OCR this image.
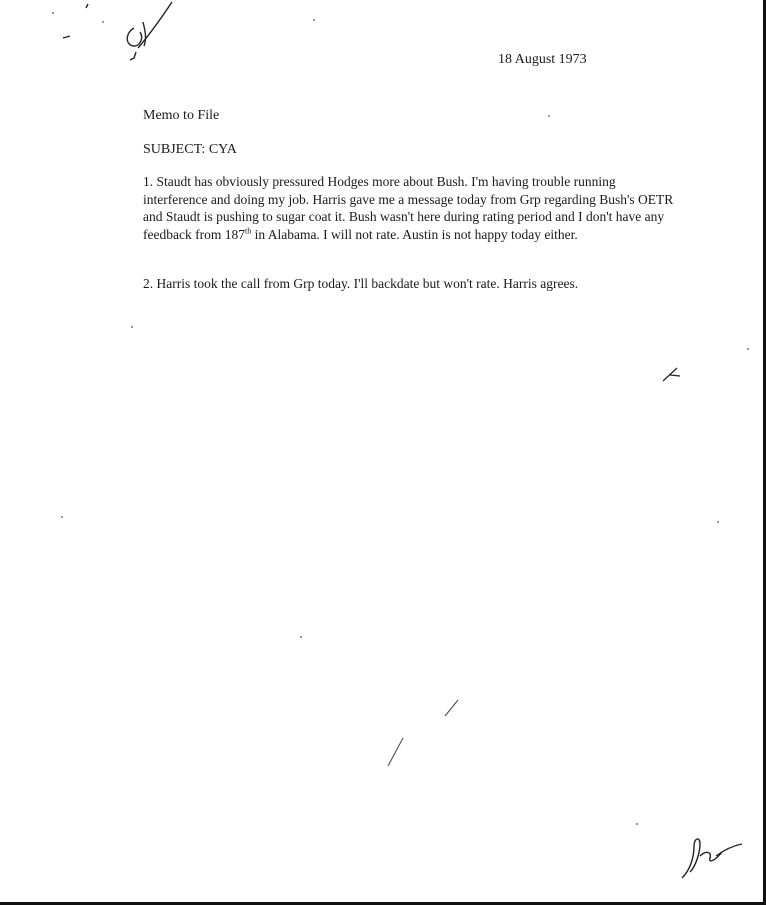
18 August 1973
Memo to File
SUBJECT: CYA
1. Staudt has obviously pressured Hodges more about Bush. I'm having trouble running interference and doing my job. Harris gave me a message today from Grp regarding Bush's OETR and Staudt is pushing to sugar coat it. Bush wasn't here during rating period and I don't have any feedback from 187th in Alabama. I will not rate. Austin is not happy today either.
2. Harris took the call from Grp today. I'll backdate but won't rate. Harris agrees.
